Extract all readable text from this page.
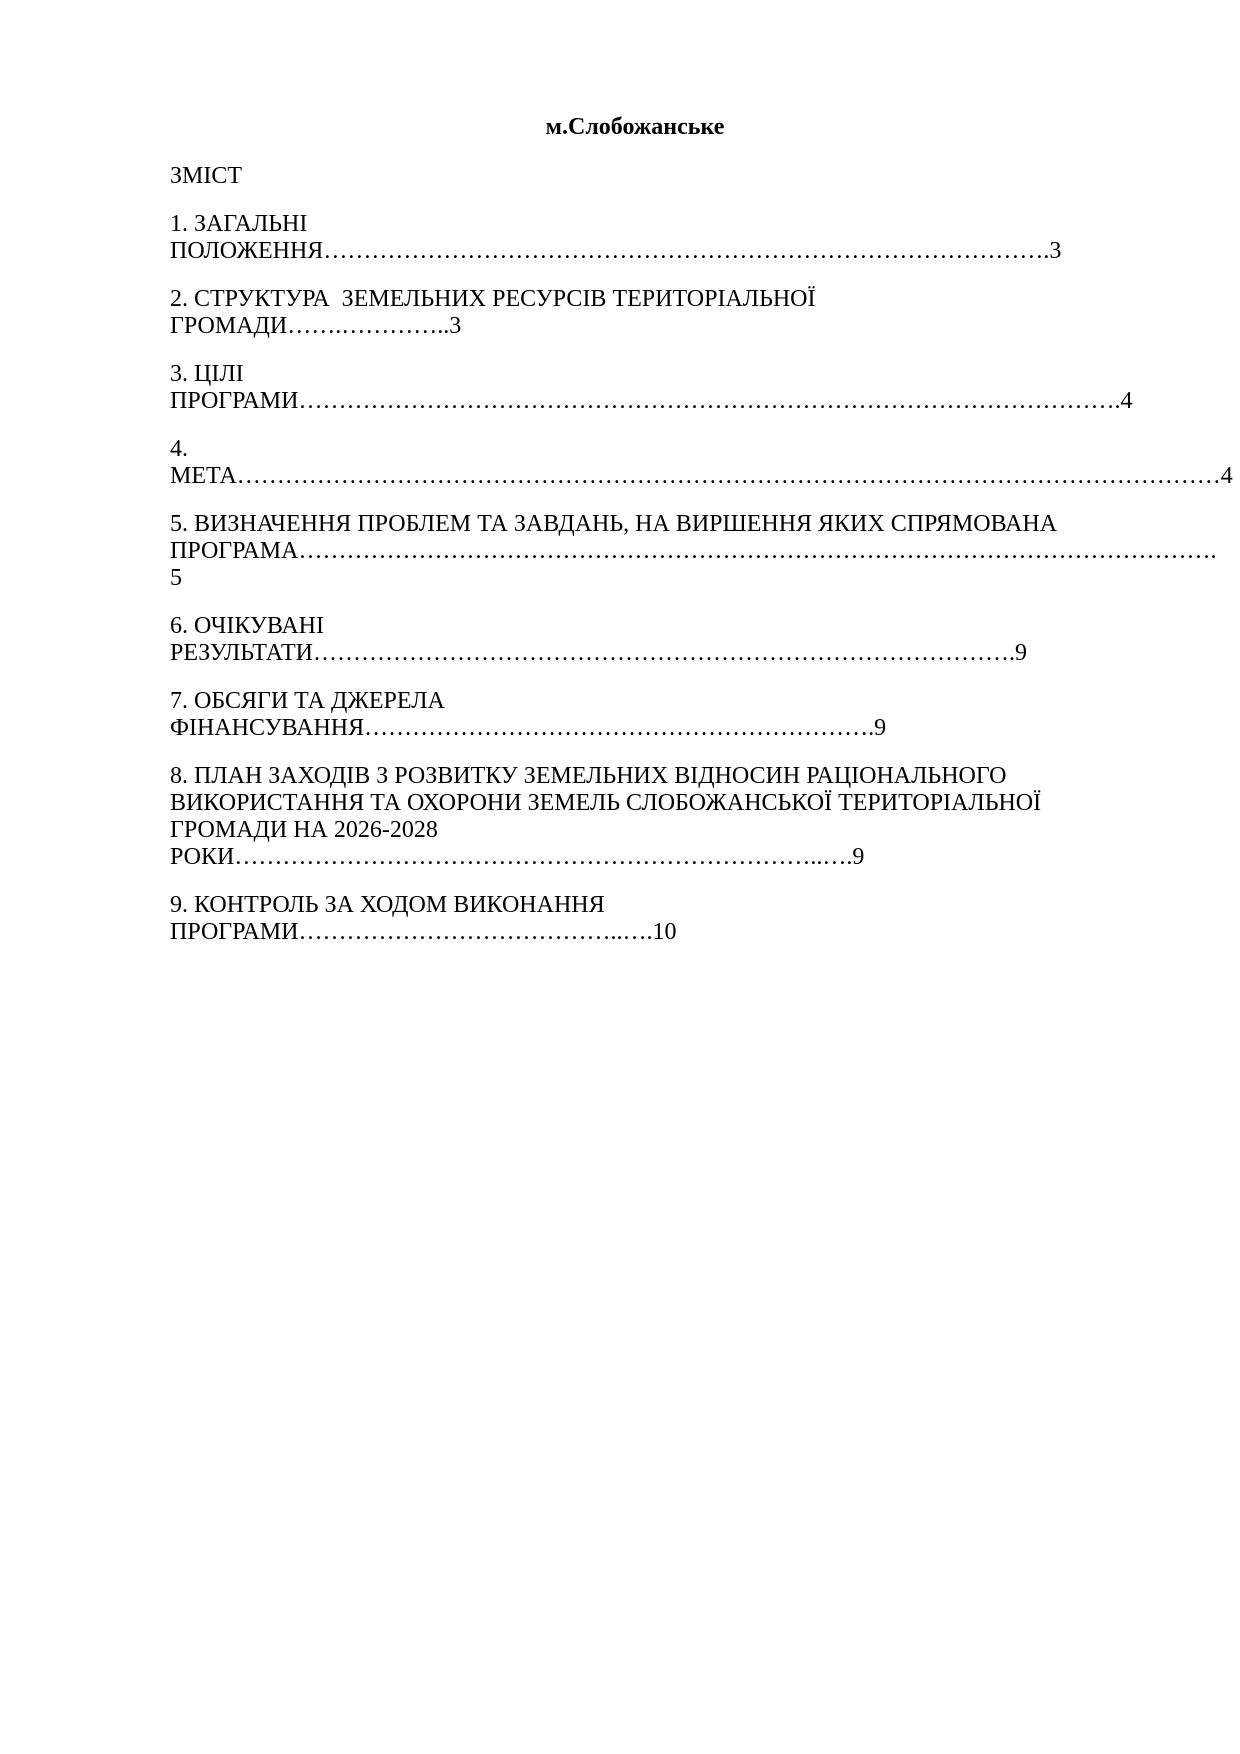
м.Слобожанське
ЗМІСТ

1. ЗАГАЛЬНІ
ПОЛОЖЕННЯ……………………………………………………………………………….3

2. СТРУКТУРА  ЗЕМЕЛЬНИХ РЕСУРСІВ ТЕРИТОРІАЛЬНОЇ
ГРОМАДИ…….…………..3

3. ЦІЛІ
ПРОГРАМИ………………………………………………………………………………………….4

4.
МЕТА……………………………………………………………………………………………………………4

5. ВИЗНАЧЕННЯ ПРОБЛЕМ ТА ЗАВДАНЬ, НА ВИРШЕННЯ ЯКИХ СПРЯМОВАНА
ПРОГРАМА…………………………………………………………………………………………………….
5

6. ОЧІКУВАНІ
РЕЗУЛЬТАТИ…………………………………………………………………………….9

7. ОБСЯГИ ТА ДЖЕРЕЛА
ФІНАНСУВАННЯ……………………………………………………….9

8. ПЛАН ЗАХОДІВ З РОЗВИТКУ ЗЕМЕЛЬНИХ ВІДНОСИН РАЦІОНАЛЬНОГО
ВИКОРИСТАННЯ ТА ОХОРОНИ ЗЕМЕЛЬ СЛОБОЖАНСЬКОЇ ТЕРИТОРІАЛЬНОЇ
ГРОМАДИ НА 2026-2028
РОКИ………………………………………………………………..….9

9. КОНТРОЛЬ ЗА ХОДОМ ВИКОНАННЯ
ПРОГРАМИ…………………………………..….10
